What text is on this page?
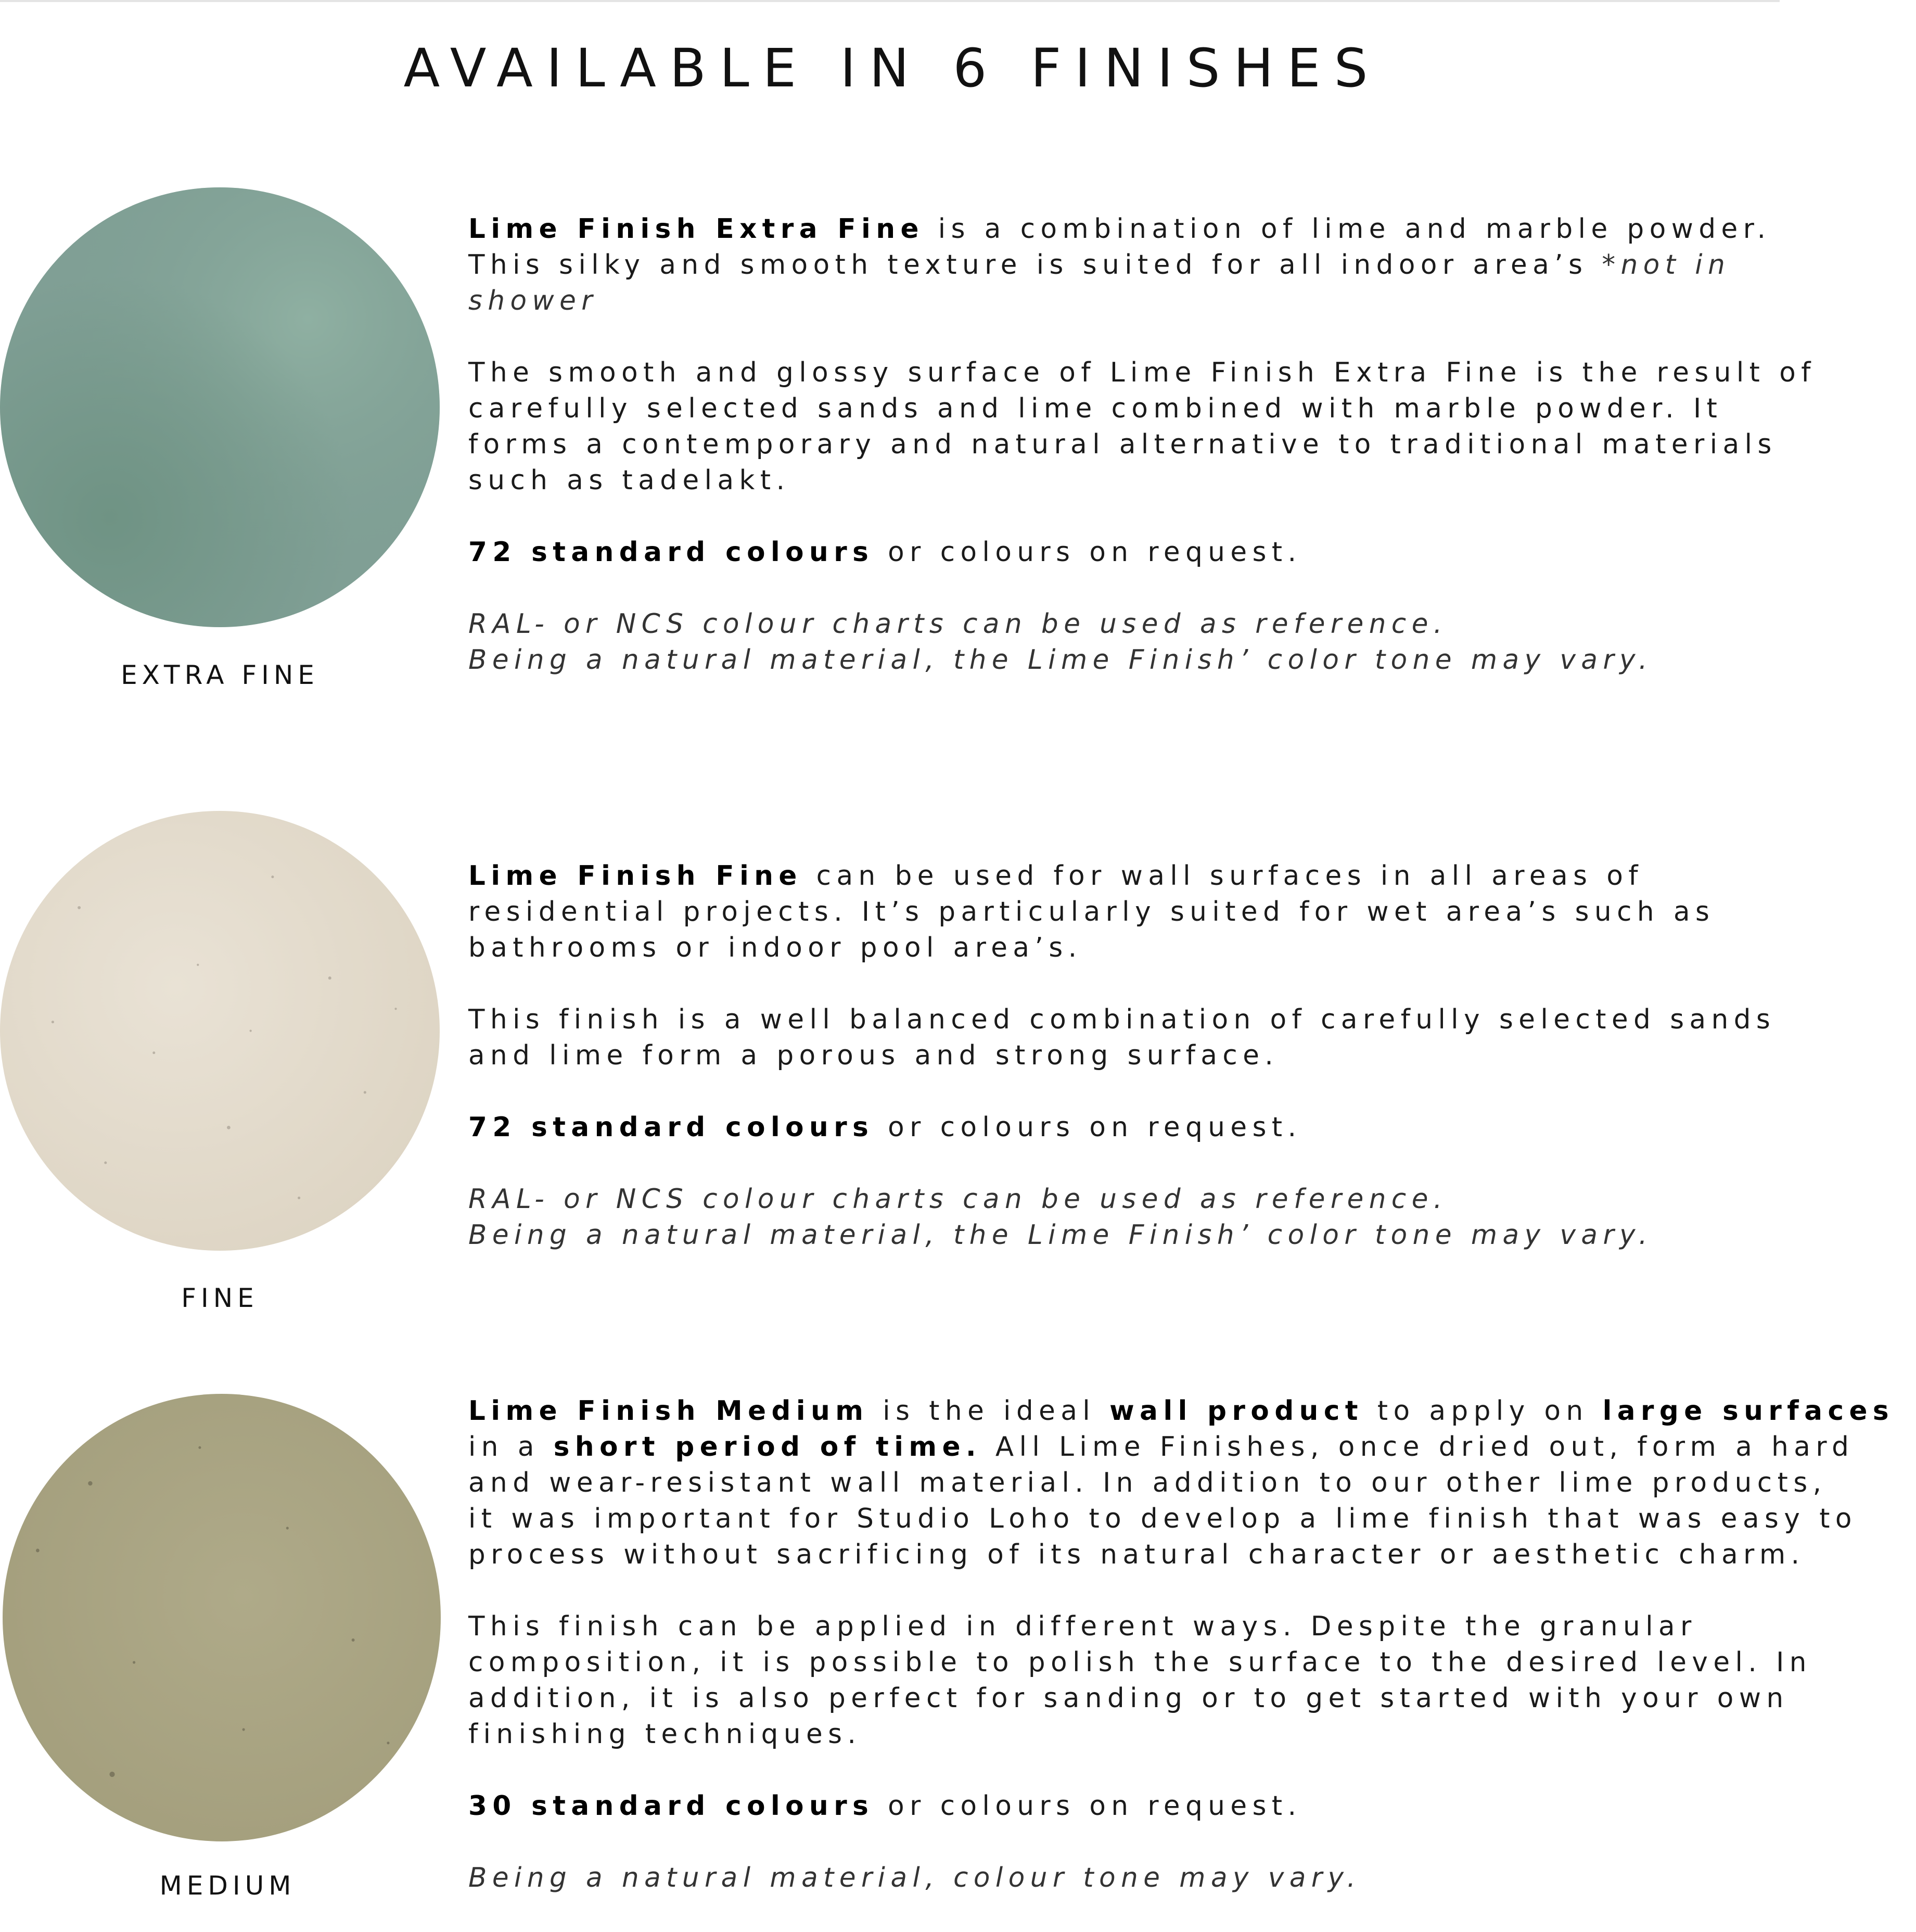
AVAILABLE IN 6 FINISHES
EXTRA FINE

Lime Finish Extra Fine is a combination of lime and marble powder.
This silky and smooth texture is suited for all indoor area’s *not in
shower

The smooth and glossy surface of Lime Finish Extra Fine is the result of
carefully selected sands and lime combined with marble powder. It
forms a contemporary and natural alternative to traditional materials
such as tadelakt.

72 standard colours or colours on request.

RAL- or NCS colour charts can be used as reference.
Being a natural material, the Lime Finish’ color tone may vary.

FINE

Lime Finish Fine can be used for wall surfaces in all areas of
residential projects. It’s particularly suited for wet area’s such as
bathrooms or indoor pool area’s.

This finish is a well balanced combination of carefully selected sands
and lime form a porous and strong surface.

72 standard colours or colours on request.

RAL- or NCS colour charts can be used as reference.
Being a natural material, the Lime Finish’ color tone may vary.

MEDIUM

Lime Finish Medium is the ideal wall product to apply on large surfaces
in a short period of time. All Lime Finishes, once dried out, form a hard
and wear-resistant wall material. In addition to our other lime products,
it was important for Studio Loho to develop a lime finish that was easy to
process without sacrificing of its natural character or aesthetic charm.

This finish can be applied in different ways. Despite the granular
composition, it is possible to polish the surface to the desired level. In
addition, it is also perfect for sanding or to get started with your own
finishing techniques.

30 standard colours or colours on request.

Being a natural material, colour tone may vary.
